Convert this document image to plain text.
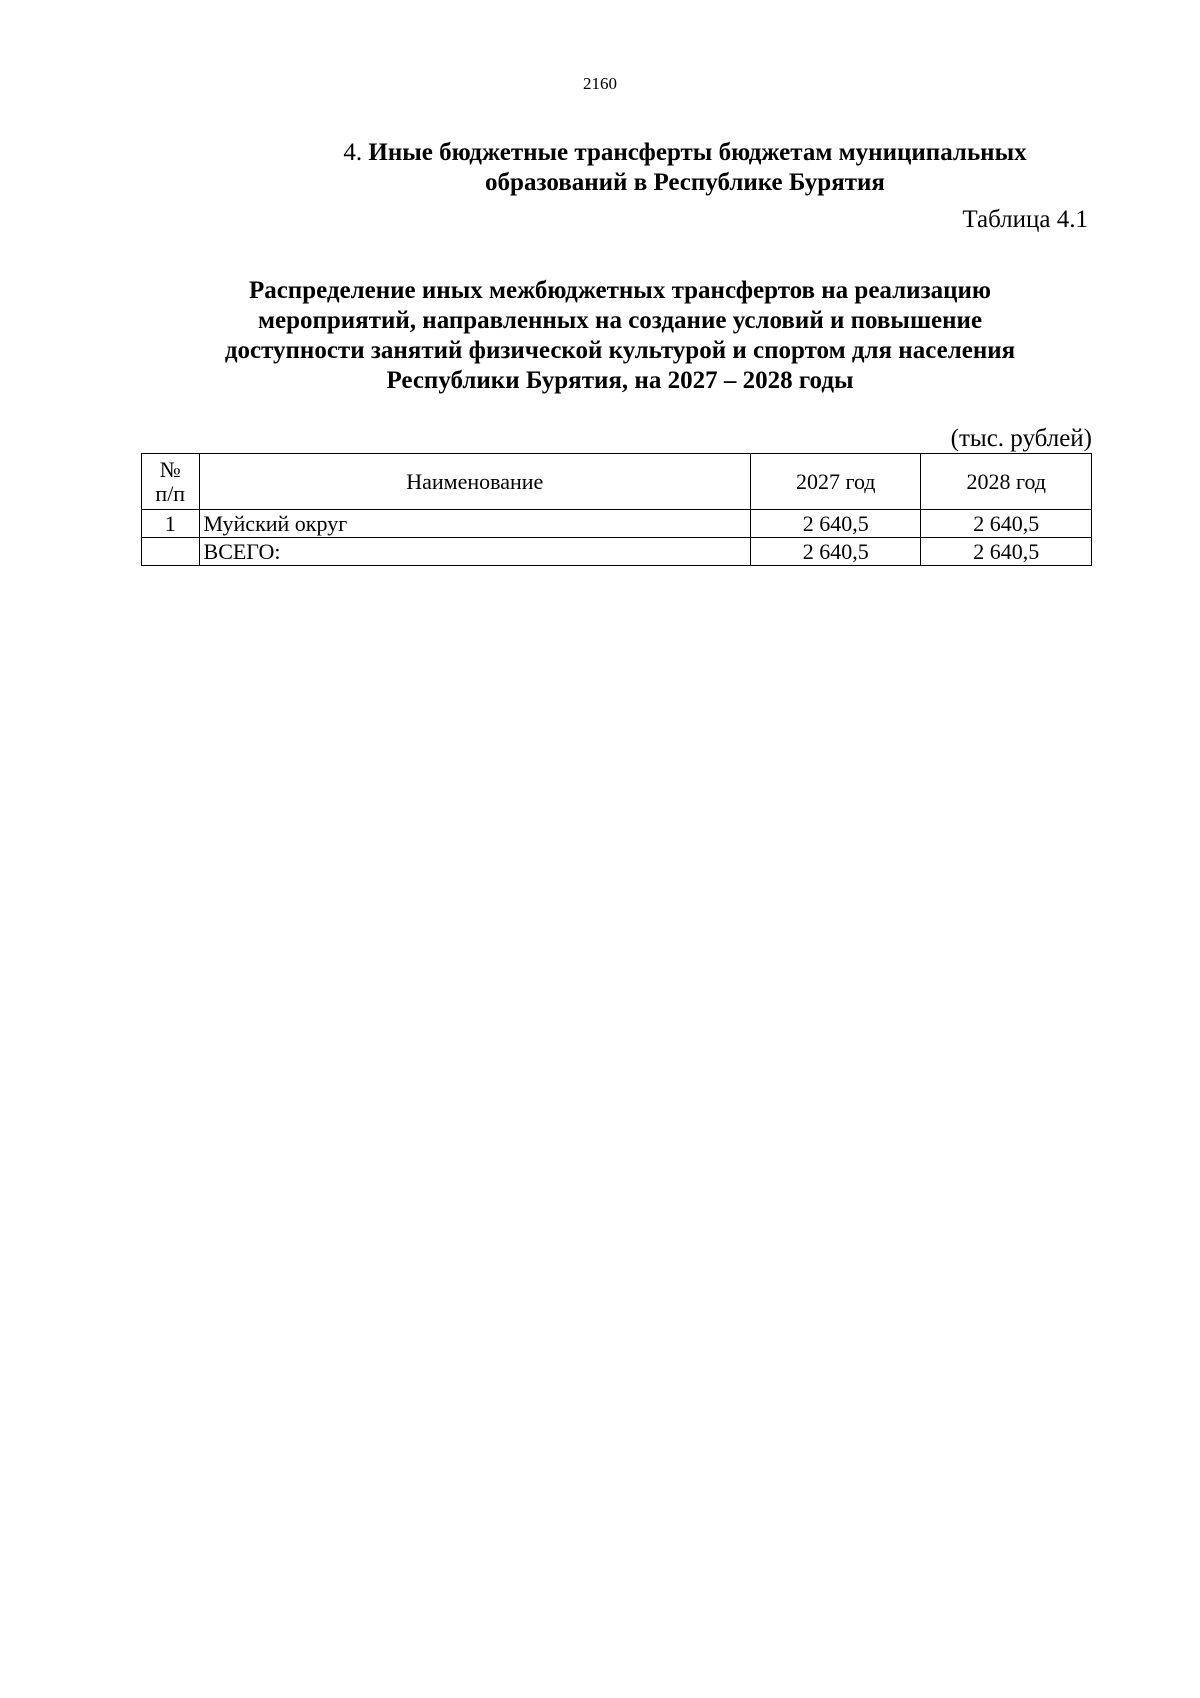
2160
4. Иные бюджетные трансферты бюджетам муниципальных
образований в Республике Бурятия
Таблица 4.1
Распределение иных межбюджетных трансфертов на реализацию
мероприятий, направленных на создание условий и повышение
доступности занятий физической культурой и спортом для населения
Республики Бурятия, на 2027 – 2028 годы
(тыс. рублей)
№
п/п	Наименование	2027 год	2028 год
1	Муйский округ	2 640,5	2 640,5
	ВСЕГО:	2 640,5	2 640,5
